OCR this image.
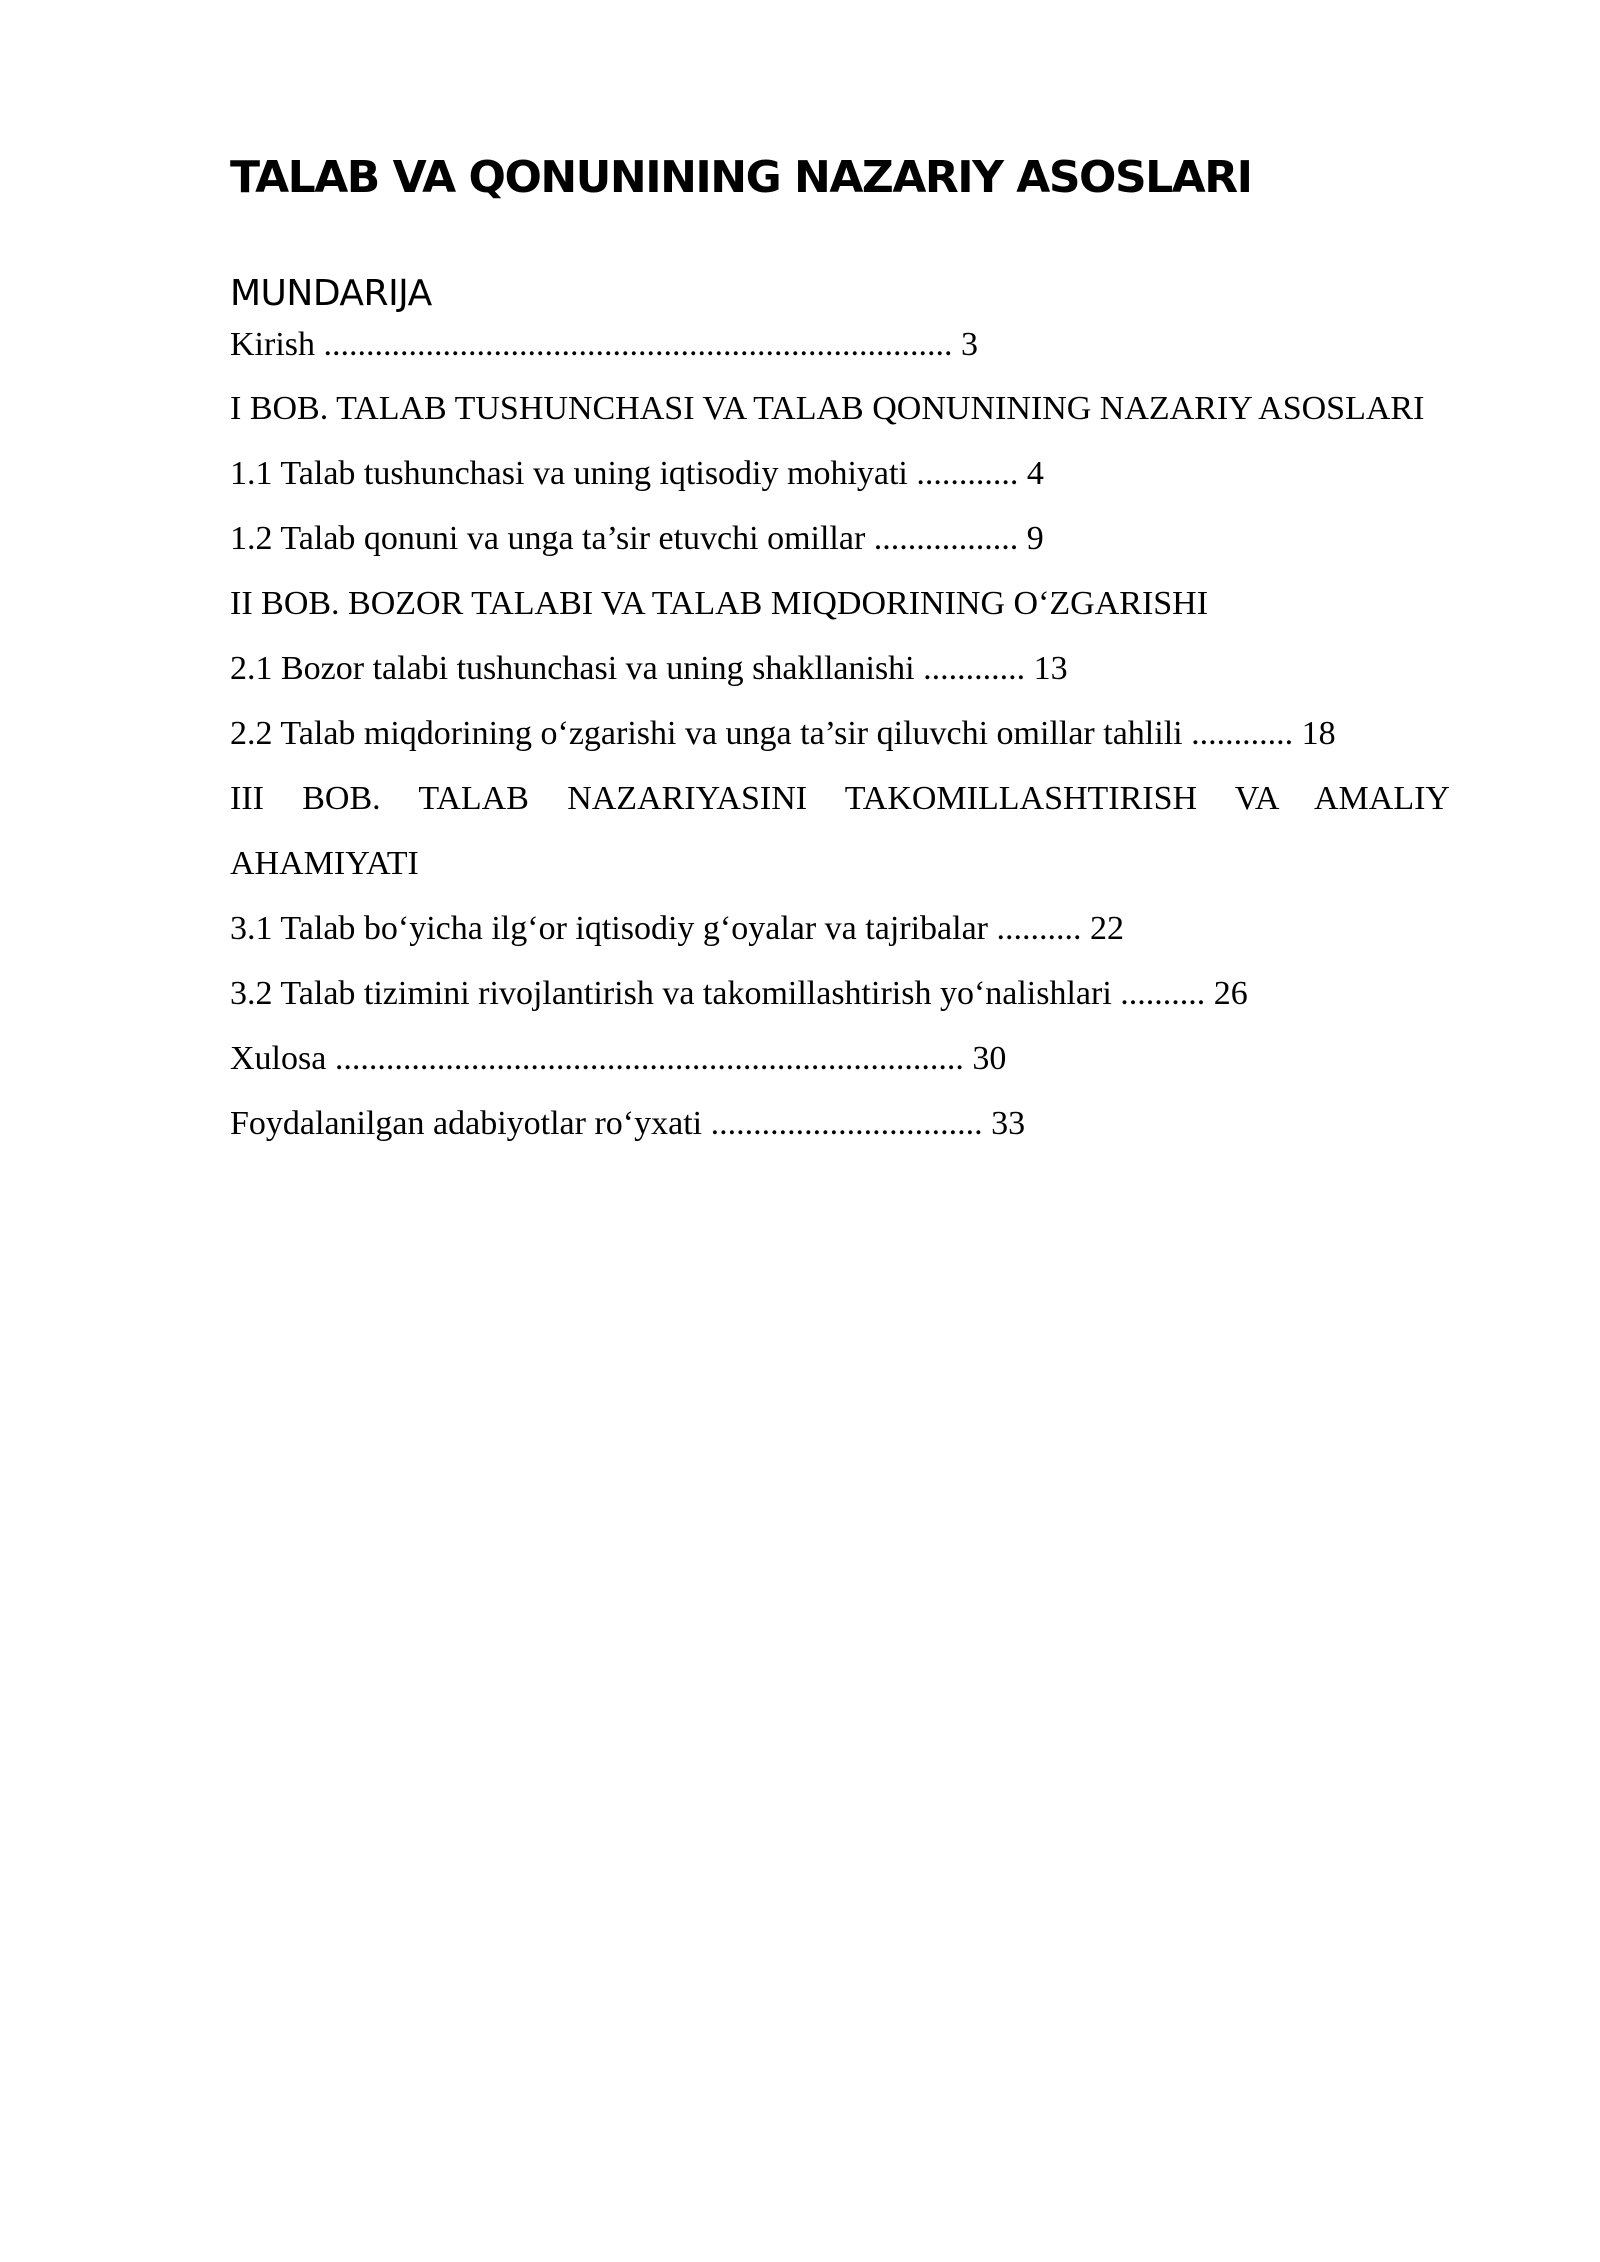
TALAB VA QONUNINING NAZARIY ASOSLARI
MUNDARIJA
Kirish .......................................................................... 3
I BOB. TALAB TUSHUNCHASI VA TALAB QONUNINING NAZARIY ASOSLARI
1.1 Talab tushunchasi va uning iqtisodiy mohiyati ............ 4
1.2 Talab qonuni va unga ta’sir etuvchi omillar ................. 9
II BOB. BOZOR TALABI VA TALAB MIQDORINING O‘ZGARISHI
2.1 Bozor talabi tushunchasi va uning shakllanishi ............ 13
2.2 Talab miqdorining o‘zgarishi va unga ta’sir qiluvchi omillar tahlili ............ 18
III BOB. TALAB NAZARIYASINI TAKOMILLASHTIRISH VA AMALIY AHAMIYATI
3.1 Talab bo‘yicha ilg‘or iqtisodiy g‘oyalar va tajribalar .......... 22
3.2 Talab tizimini rivojlantirish va takomillashtirish yo‘nalishlari .......... 26
Xulosa .......................................................................... 30
Foydalanilgan adabiyotlar ro‘yxati ................................ 33
